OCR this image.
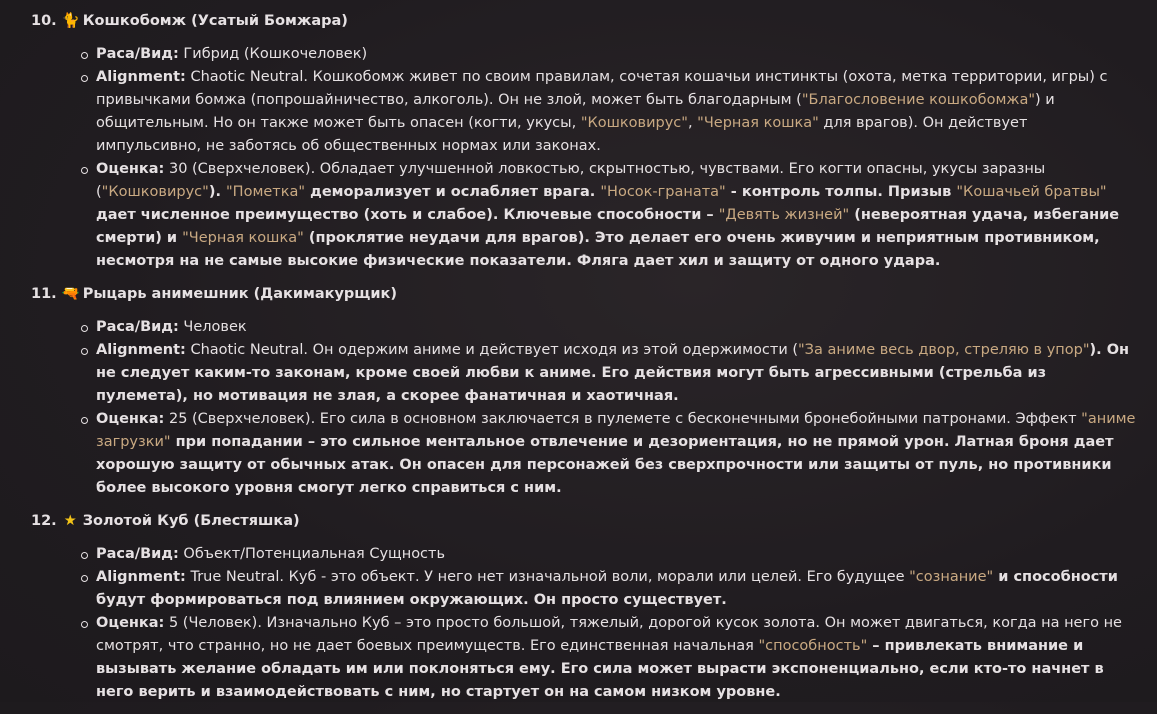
10. 🐈 Кошкобомж (Усатый Бомжара)
Раса/Вид: Гибрид (Кошкочеловек)
Alignment: Chaotic Neutral. Кошкобомж живет по своим правилам, сочетая кошачьи инстинкты (охота, метка территории, игры) с привычками бомжа (попрошайничество, алкоголь). Он не злой, может быть благодарным ("Благословение кошкобомжа") и общительным. Но он также может быть опасен (когти, укусы, "Кошковирус", "Черная кошка" для врагов). Он действует импульсивно, не заботясь об общественных нормах или законах.
Оценка: 30 (Сверхчеловек). Обладает улучшенной ловкостью, скрытностью, чувствами. Его когти опасны, укусы заразны ("Кошковирус"). "Пометка" деморализует и ослабляет врага. "Носок-граната" - контроль толпы. Призыв "Кошачьей братвы" дает численное преимущество (хоть и слабое). Ключевые способности – "Девять жизней" (невероятная удача, избегание смерти) и "Черная кошка" (проклятие неудачи для врагов). Это делает его очень живучим и неприятным противником, несмотря на не самые высокие физические показатели. Фляга дает хил и защиту от одного удара.
11. 🔫 Рыцарь анимешник (Дакимакурщик)
Раса/Вид: Человек
Alignment: Chaotic Neutral. Он одержим аниме и действует исходя из этой одержимости ("За аниме весь двор, стреляю в упор"). Он не следует каким-то законам, кроме своей любви к аниме. Его действия могут быть агрессивными (стрельба из пулемета), но мотивация не злая, а скорее фанатичная и хаотичная.
Оценка: 25 (Сверхчеловек). Его сила в основном заключается в пулемете с бесконечными бронебойными патронами. Эффект "аниме загрузки" при попадании – это сильное ментальное отвлечение и дезориентация, но не прямой урон. Латная броня дает хорошую защиту от обычных атак. Он опасен для персонажей без сверхпрочности или защиты от пуль, но противники более высокого уровня смогут легко справиться с ним.
12. ★ Золотой Куб (Блестяшка)
Раса/Вид: Объект/Потенциальная Сущность
Alignment: True Neutral. Куб - это объект. У него нет изначальной воли, морали или целей. Его будущее "сознание" и способности будут формироваться под влиянием окружающих. Он просто существует.
Оценка: 5 (Человек). Изначально Куб – это просто большой, тяжелый, дорогой кусок золота. Он может двигаться, когда на него не смотрят, что странно, но не дает боевых преимуществ. Его единственная начальная "способность" – привлекать внимание и вызывать желание обладать им или поклоняться ему. Его сила может вырасти экспоненциально, если кто-то начнет в него верить и взаимодействовать с ним, но стартует он на самом низком уровне.
